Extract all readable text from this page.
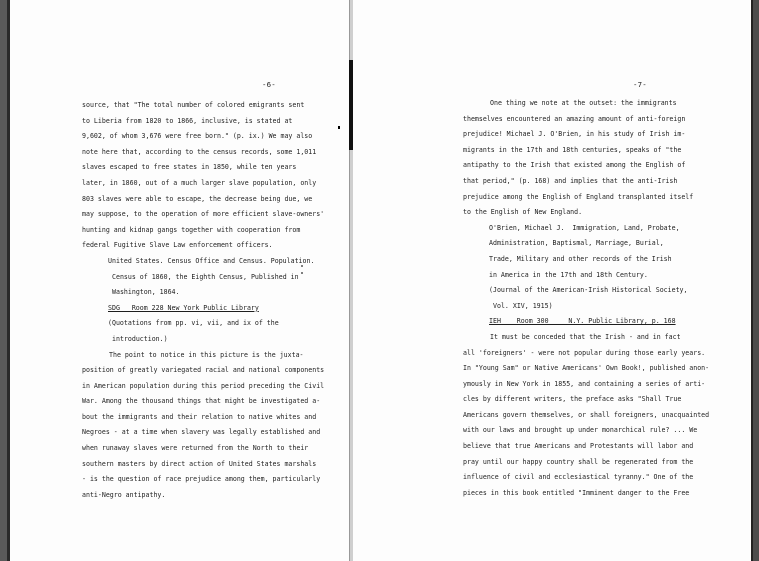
-6-	-7-
source, that "The total number of colored emigrants sent
to Liberia from 1820 to 1866, inclusive, is stated at
9,602, of whom 3,676 were free born." (p. ix.) We may also
note here that, according to the census records, some 1,011
slaves escaped to free states in 1850, while ten years
later, in 1860, out of a much larger slave population, only
803 slaves were able to escape, the decrease being due, we
may suppose, to the operation of more efficient slave-owners'
hunting and kidnap gangs together with cooperation from
federal Fugitive Slave Law enforcement officers.
United States. Census Office and Census. Population.
Census of 1860, the Eighth Census, Published in
Washington, 1864.
SDG   Room 228 New York Public Library
(Quotations from pp. vi, vii, and ix of the
introduction.)
The point to notice in this picture is the juxta-
position of greatly variegated racial and national components
in American population during this period preceding the Civil
War. Among the thousand things that might be investigated a-
bout the immigrants and their relation to native whites and
Negroes - at a time when slavery was legally established and
when runaway slaves were returned from the North to their
southern masters by direct action of United States marshals
- is the question of race prejudice among them, particularly
anti-Negro antipathy.
One thing we note at the outset: the immigrants
themselves encountered an amazing amount of anti-foreign
prejudice! Michael J. O'Brien, in his study of Irish im-
migrants in the 17th and 18th centuries, speaks of "the
antipathy to the Irish that existed among the English of
that period," (p. 168) and implies that the anti-Irish
prejudice among the English of England transplanted itself
to the English of New England.
O'Brien, Michael J.  Immigration, Land, Probate,
Administration, Baptismal, Marriage, Burial,
Trade, Military and other records of the Irish
in America in the 17th and 18th Century.
(Journal of the American-Irish Historical Society,
Vol. XIV, 1915)
IEH    Room 300     N.Y. Public Library, p. 168
It must be conceded that the Irish - and in fact
all 'foreigners' - were not popular during those early years.
In "Young Sam" or Native Americans' Own Book!, published anon-
ymously in New York in 1855, and containing a series of arti-
cles by different writers, the preface asks "Shall True
Americans govern themselves, or shall foreigners, unacquainted
with our laws and brought up under monarchical rule? ... We
believe that true Americans and Protestants will labor and
pray until our happy country shall be regenerated from the
influence of civil and ecclesiastical tyranny." One of the
pieces in this book entitled "Imminent danger to the Free
